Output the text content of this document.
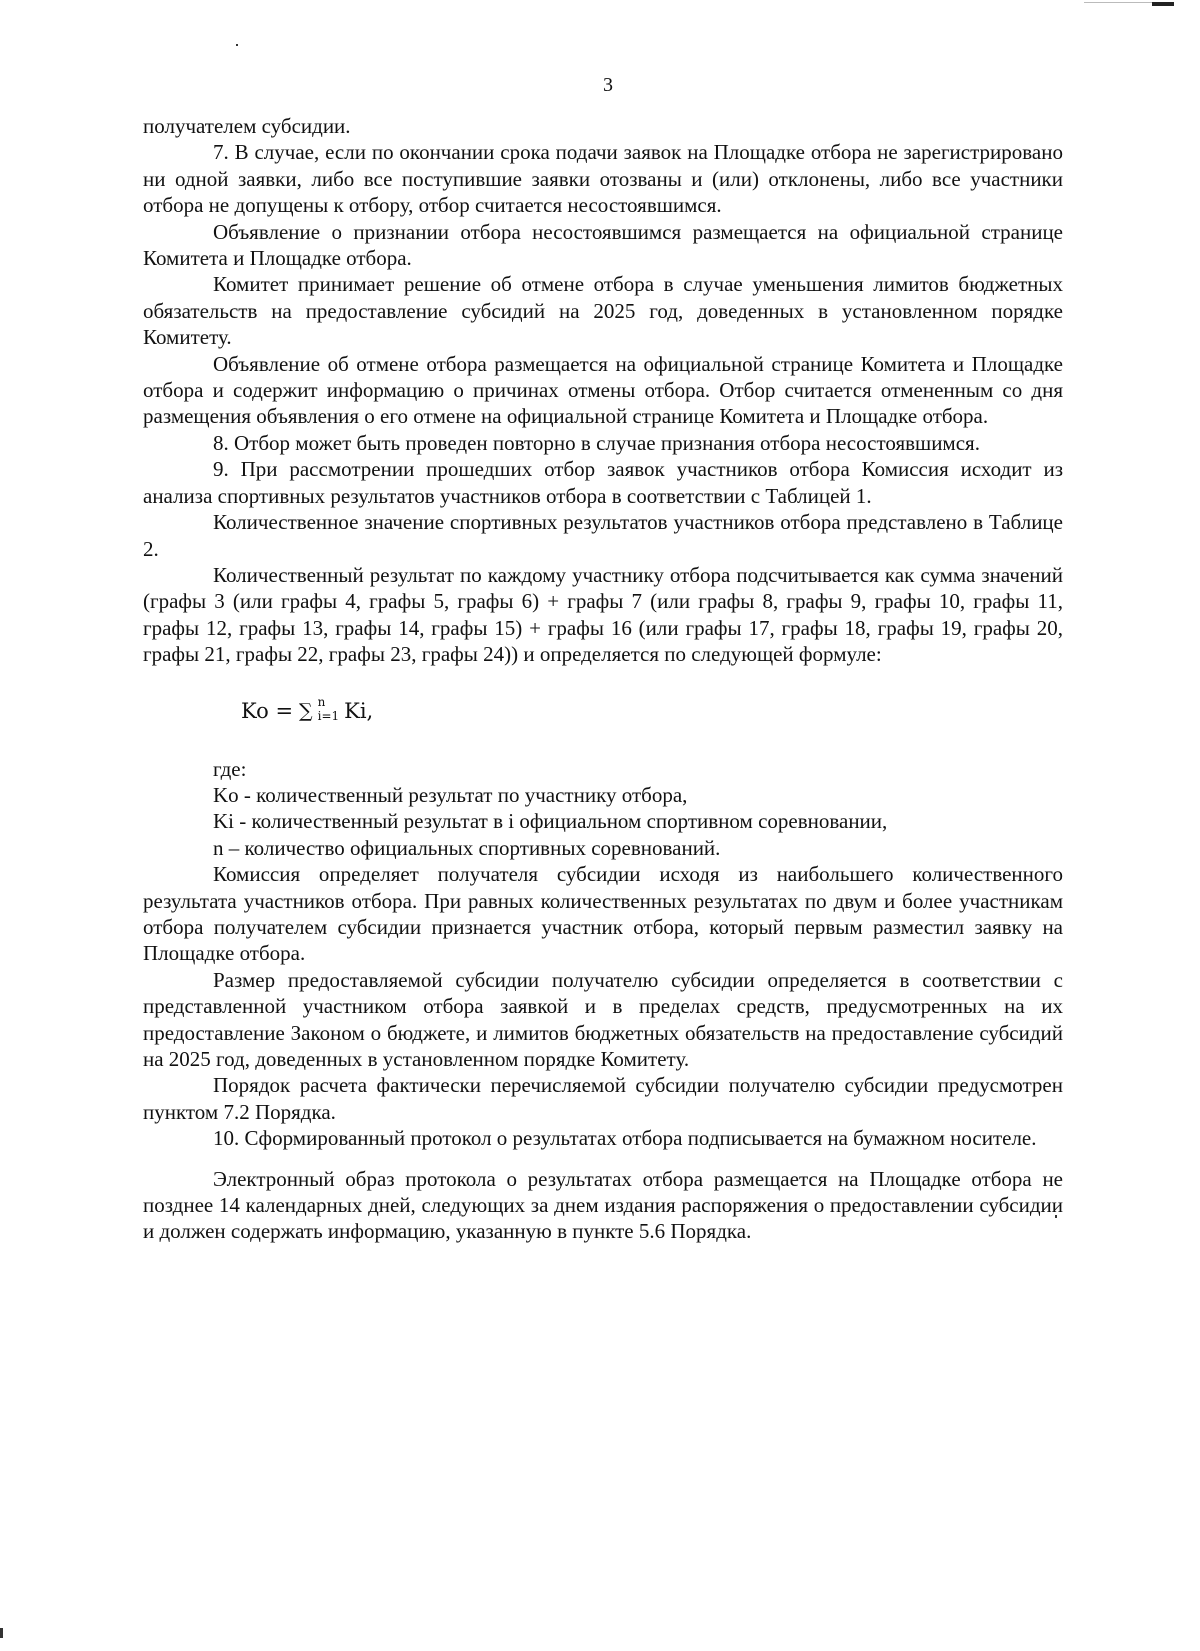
3

получателем субсидии.

7. В случае, если по окончании срока подачи заявок на Площадке отбора не зарегистрировано ни одной заявки, либо все поступившие заявки отозваны и (или) отклонены, либо все участники отбора не допущены к отбору, отбор считается несостоявшимся.

Объявление о признании отбора несостоявшимся размещается на официальной странице Комитета и Площадке отбора.

Комитет принимает решение об отмене отбора в случае уменьшения лимитов бюджетных обязательств на предоставление субсидий на 2025 год, доведенных в установленном порядке Комитету.

Объявление об отмене отбора размещается на официальной странице Комитета и Площадке отбора и содержит информацию о причинах отмены отбора. Отбор считается отмененным со дня размещения объявления о его отмене на официальной странице Комитета и Площадке отбора.

8. Отбор может быть проведен повторно в случае признания отбора несостоявшимся.

9. При рассмотрении прошедших отбор заявок участников отбора Комиссия исходит из анализа спортивных результатов участников отбора в соответствии с Таблицей 1.

Количественное значение спортивных результатов участников отбора представлено в Таблице 2.

Количественный результат по каждому участнику отбора подсчитывается как сумма значений (графы 3 (или графы 4, графы 5, графы 6) + графы 7 (или графы 8, графы 9, графы 10, графы 11, графы 12, графы 13, графы 14, графы 15) + графы 16 (или графы 17, графы 18, графы 19, графы 20, графы 21, графы 22, графы 23, графы 24)) и определяется по следующей формуле:

Ko = ∑ n
i=1 Ki,

где:

Ko - количественный результат по участнику отбора,

Ki - количественный результат в i официальном спортивном соревновании,

n – количество официальных спортивных соревнований.

Комиссия определяет получателя субсидии исходя из наибольшего количественного результата участников отбора. При равных количественных результатах по двум и более участникам отбора получателем субсидии признается участник отбора, который первым разместил заявку на Площадке отбора.

Размер предоставляемой субсидии получателю субсидии определяется в соответствии с представленной участником отбора заявкой и в пределах средств, предусмотренных на их предоставление Законом о бюджете, и лимитов бюджетных обязательств на предоставление субсидий на 2025 год, доведенных в установленном порядке Комитету.

Порядок расчета фактически перечисляемой субсидии получателю субсидии предусмотрен пунктом 7.2 Порядка.

10. Сформированный протокол о результатах отбора подписывается на бумажном носителе.

Электронный образ протокола о результатах отбора размещается на Площадке отбора не позднее 14 календарных дней, следующих за днем издания распоряжения о предоставлении субсидии и должен содержать информацию, указанную в пункте 5.6 Порядка.
